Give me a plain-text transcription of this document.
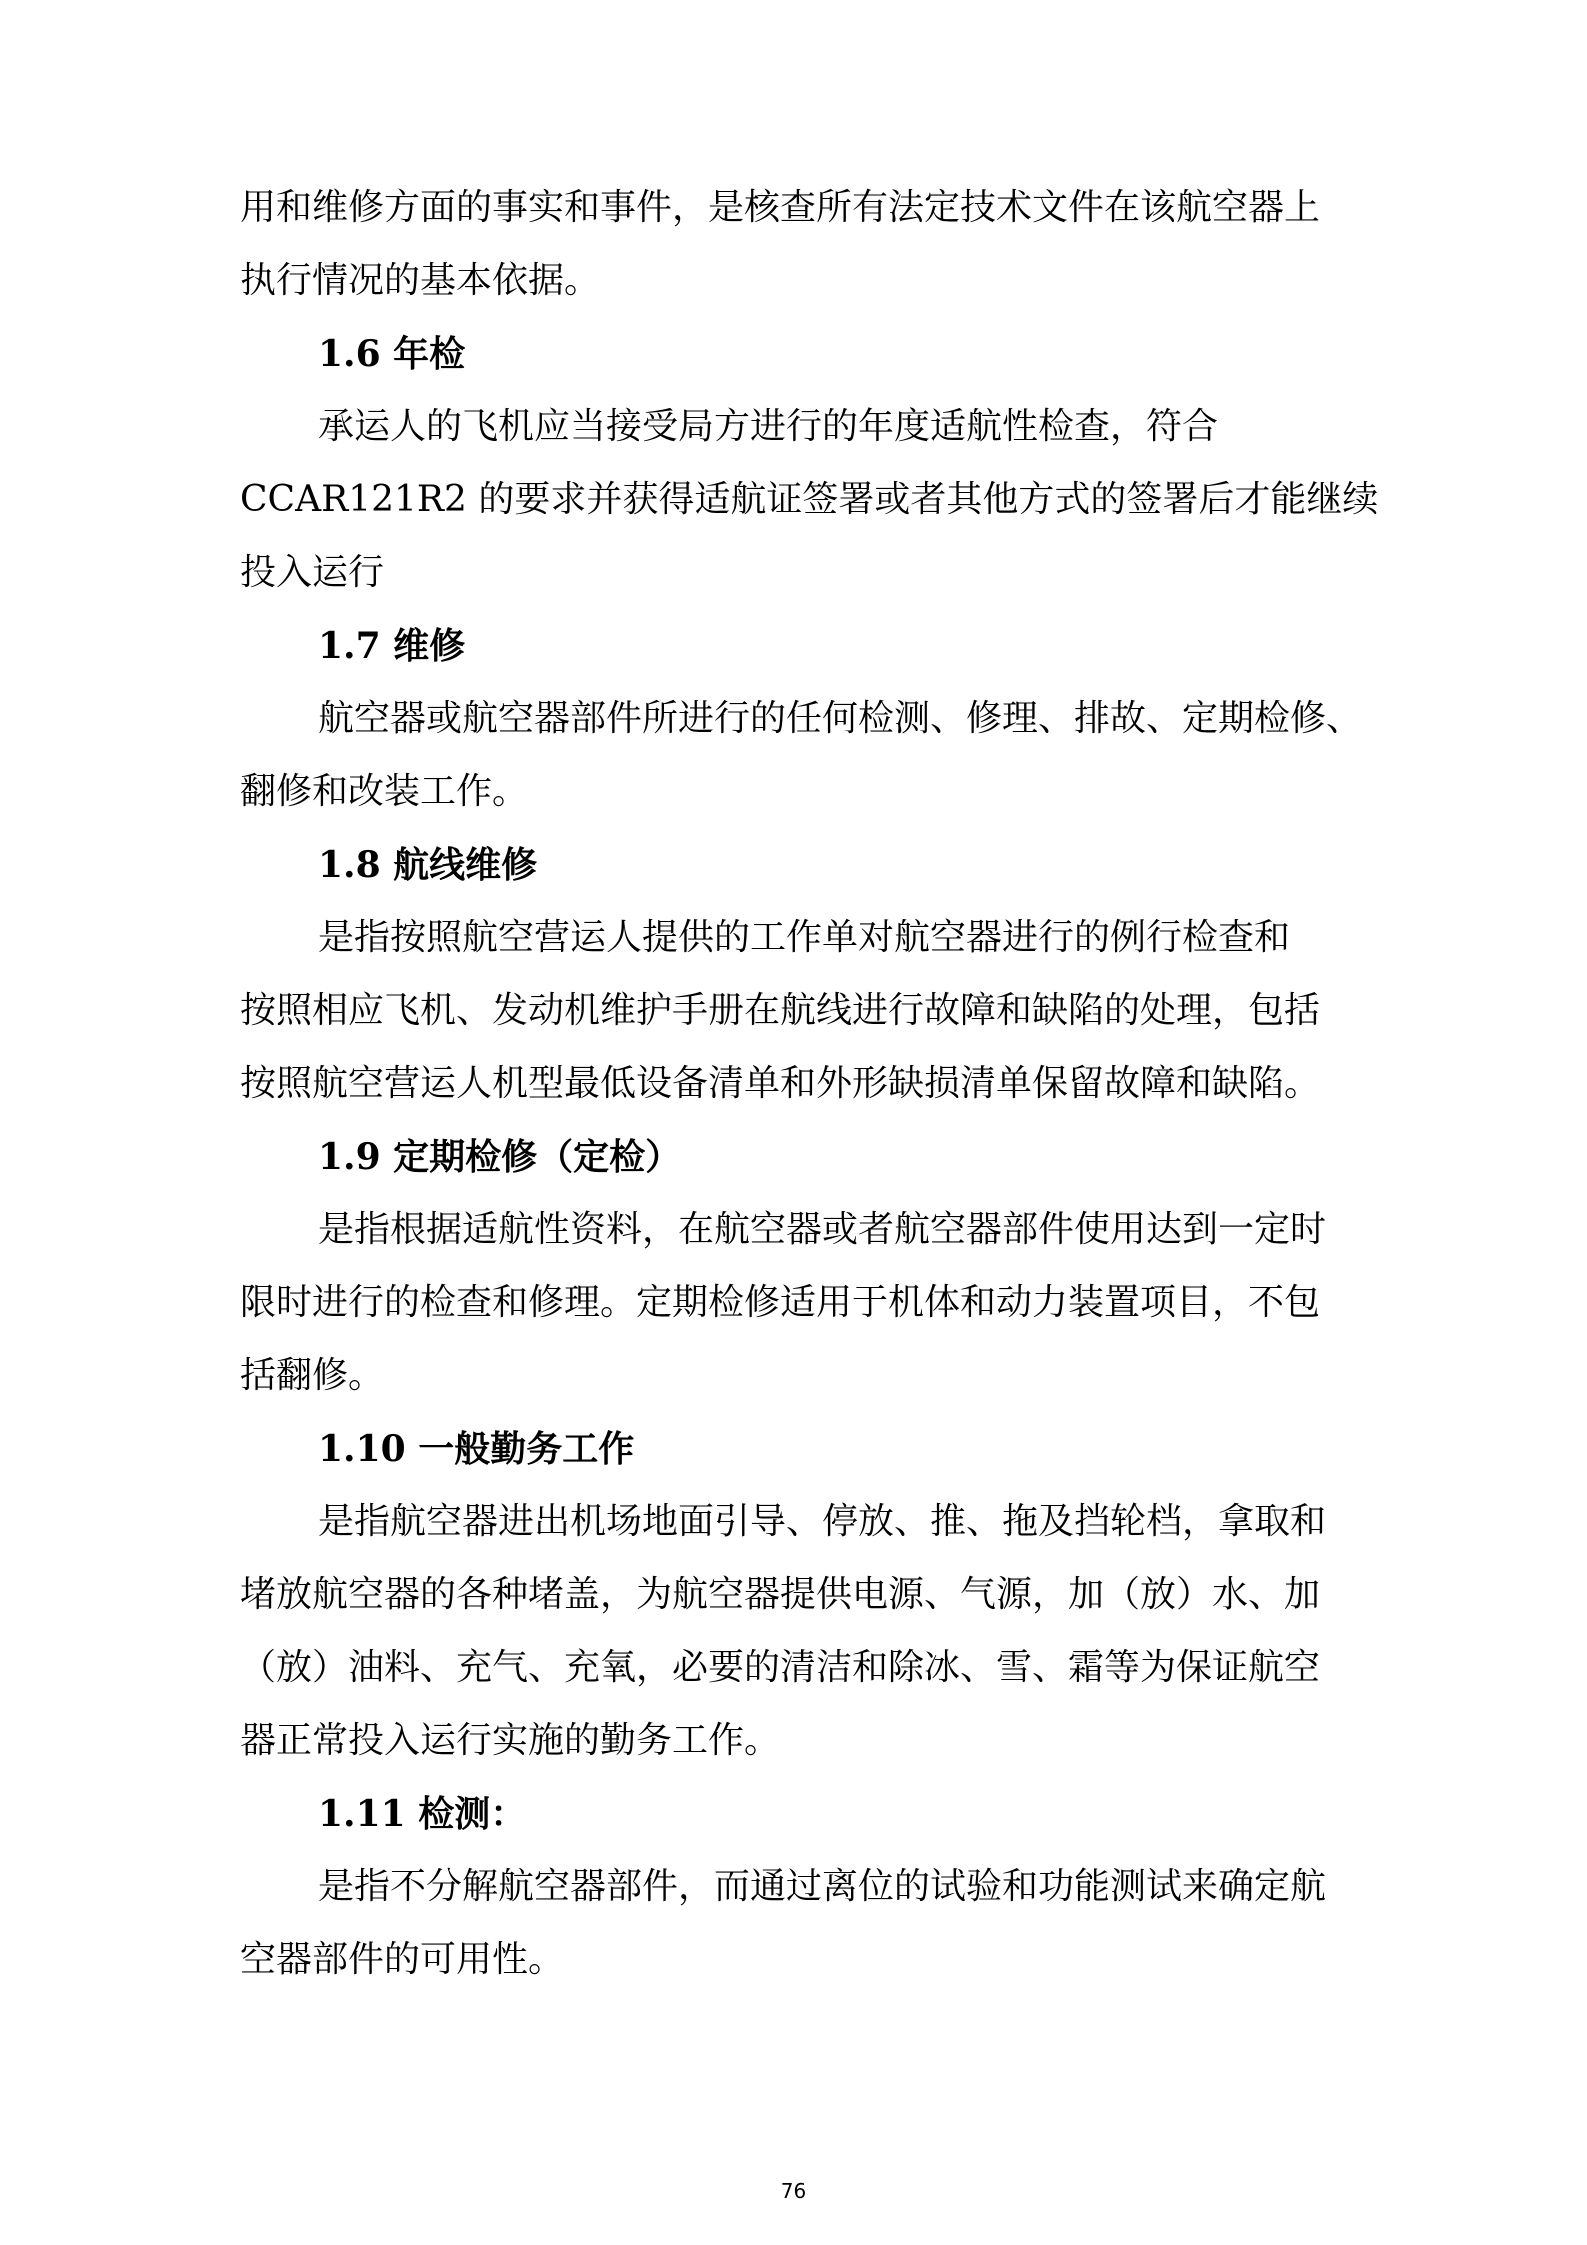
用和维修方面的事实和事件，是核查所有法定技术文件在该航空器上
执行情况的基本依据。
1.6 年检
承运人的飞机应当接受局方进行的年度适航性检查，符合
CCAR121R2 的要求并获得适航证签署或者其他方式的签署后才能继续
投入运行
1.7 维修
航空器或航空器部件所进行的任何检测、修理、排故、定期检修、
翻修和改装工作。
1.8 航线维修
是指按照航空营运人提供的工作单对航空器进行的例行检查和
按照相应飞机、发动机维护手册在航线进行故障和缺陷的处理，包括
按照航空营运人机型最低设备清单和外形缺损清单保留故障和缺陷。
1.9 定期检修（定检）
是指根据适航性资料，在航空器或者航空器部件使用达到一定时
限时进行的检查和修理。定期检修适用于机体和动力装置项目，不包
括翻修。
1.10 一般勤务工作
是指航空器进出机场地面引导、停放、推、拖及挡轮档，拿取和
堵放航空器的各种堵盖，为航空器提供电源、气源，加（放）水、加
（放）油料、充气、充氧，必要的清洁和除冰、雪、霜等为保证航空
器正常投入运行实施的勤务工作。
1.11 检测：
是指不分解航空器部件，而通过离位的试验和功能测试来确定航
空器部件的可用性。
76
